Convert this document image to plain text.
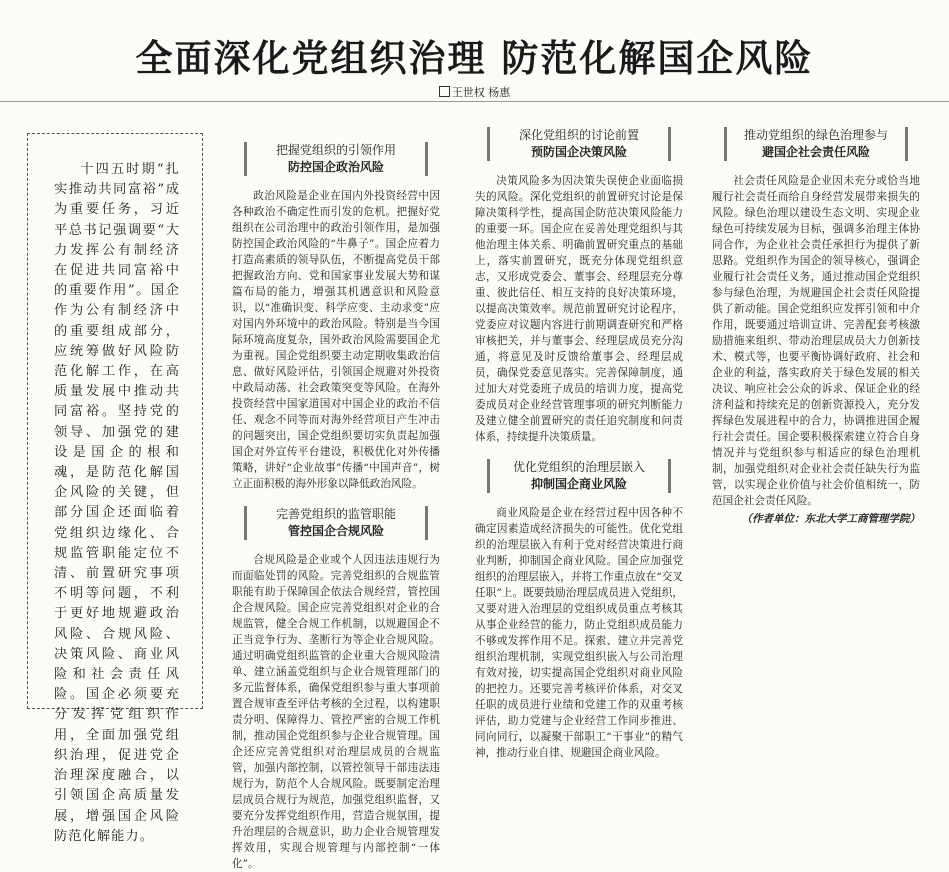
全面深化党组织治理 防范化解国企风险
王世权 杨惠

十四五时期“扎实推动共同富裕”成为重要任务，习近平总书记强调要“大力发挥公有制经济在促进共同富裕中的重要作用”。国企作为公有制经济中的重要组成部分，应统筹做好风险防范化解工作，在高质量发展中推动共同富裕。坚持党的领导、加强党的建设是国企的根和魂，是防范化解国企风险的关键，但部分国企还面临着党组织边缘化、合规监管职能定位不清、前置研究事项不明等问题，不利于更好地规避政治风险、合规风险、决策风险、商业风险和社会责任风险。国企必须要充分发挥党组织作用，全面加强党组织治理，促进党企治理深度融合，以引领国企高质量发展，增强国企风险防范化解能力。

把握党组织的引领作用
防控国企政治风险

政治风险是企业在国内外投资经营中因各种政治不确定性而引发的危机。把握好党组织在公司治理中的政治引领作用，是加强防控国企政治风险的“牛鼻子”。国企应着力打造高素质的领导队伍，不断提高党员干部把握政治方向、党和国家事业发展大势和谋篇布局的能力，增强其机遇意识和风险意识，以“准确识变、科学应变、主动求变”应对国内外环境中的政治风险。特别是当今国际环境高度复杂，国外政治风险需要国企尤为重视。国企党组织要主动定期收集政治信息、做好风险评估，引领国企规避对外投资中政局动荡、社会政策突变等风险。在海外投资经营中国家道国对中国企业的政治不信任、观念不同等而对海外经营项目产生冲击的问题突出，国企党组织要切实负责起加强国企对外宣传平台建设，积极优化对外传播策略，讲好“企业故事”传播“中国声音”，树立正面积极的海外形象以降低政治风险。

完善党组织的监管职能
管控国企合规风险

合规风险是企业或个人因违法违规行为而面临处罚的风险。完善党组织的合规监管职能有助于保障国企依法合规经营，管控国企合规风险。国企应完善党组织对企业的合规监管，健全合规工作机制，以规避国企不正当竞争行为、垄断行为等企业合规风险。通过明确党组织监管的企业重大合规风险清单、建立涵盖党组织与企业合规管理部门的多元监督体系，确保党组织参与重大事项前置合规审查至评估考核的全过程，以构建职责分明、保障得力、管控严密的合规工作机制，推动国企党组织参与企业合规管理。国企还应完善党组织对治理层成员的合规监管，加强内部控制，以管控领导干部违法违规行为，防范个人合规风险。既要制定治理层成员合规行为规范，加强党组织监督，又要充分发挥党组织作用，营造合规氛围，提升治理层的合规意识，助力企业合规管理发挥效用，实现合规管理与内部控制“一体化”。

深化党组织的讨论前置
预防国企决策风险

决策风险多为因决策失误使企业面临损失的风险。深化党组织的前置研究讨论是保障决策科学性，提高国企防范决策风险能力的重要一环。国企应在妥善处理党组织与其他治理主体关系、明确前置研究重点的基础上，落实前置研究，既充分体现党组织意志，又形成党委会、董事会、经理层充分尊重、彼此信任、相互支持的良好决策环境，以提高决策效率。规范前置研究讨论程序，党委应对议题内容进行前期调查研究和严格审核把关，并与董事会、经理层成员充分沟通，将意见及时反馈给董事会、经理层成员，确保党委意见落实。完善保障制度，通过加大对党委班子成员的培训力度，提高党委成员对企业经营管理事项的研究判断能力及建立健全前置研究的责任追究制度和问责体系，持续提升决策质量。

优化党组织的治理层嵌入
抑制国企商业风险

商业风险是企业在经营过程中因各种不确定因素造成经济损失的可能性。优化党组织的治理层嵌入有利于党对经营决策进行商业判断，抑制国企商业风险。国企应加强党组织的治理层嵌入，并将工作重点放在“交叉任职”上。既要鼓励治理层成员进入党组织，又要对进入治理层的党组织成员重点考核其从事企业经营的能力，防止党组织成员能力不够或发挥作用不足。探索、建立并完善党组织治理机制，实现党组织嵌入与公司治理有效对接，切实提高国企党组织对商业风险的把控力。还要完善考核评价体系，对交叉任职的成员进行业绩和党建工作的双重考核评估，助力党建与企业经营工作同步推进、同向同行，以凝聚干部职工“干事业”的精气神，推动行业自律、规避国企商业风险。

推动党组织的绿色治理参与
避国企社会责任风险

社会责任风险是企业因未充分或恰当地履行社会责任而给自身经营发展带来损失的风险。绿色治理以建设生态文明、实现企业绿色可持续发展为目标，强调多治理主体协同合作，为企业社会责任承担行为提供了新思路。党组织作为国企的领导核心，强调企业履行社会责任义务，通过推动国企党组织参与绿色治理，为规避国企社会责任风险提供了新动能。国企党组织应发挥引领和中介作用，既要通过培训宣讲、完善配套考核激励措施来组织、带动治理层成员大力创新技术、模式等，也要平衡协调好政府、社会和企业的利益，落实政府关于绿色发展的相关决议、响应社会公众的诉求、保证企业的经济利益和持续充足的创新资源投入，充分发挥绿色发展进程中的合力，协调推进国企履行社会责任。国企要积极探索建立符合自身情况并与党组织参与相适应的绿色治理机制，加强党组织对企业社会责任缺失行为监管，以实现企业价值与社会价值相统一，防范国企社会责任风险。

（作者单位：东北大学工商管理学院）
